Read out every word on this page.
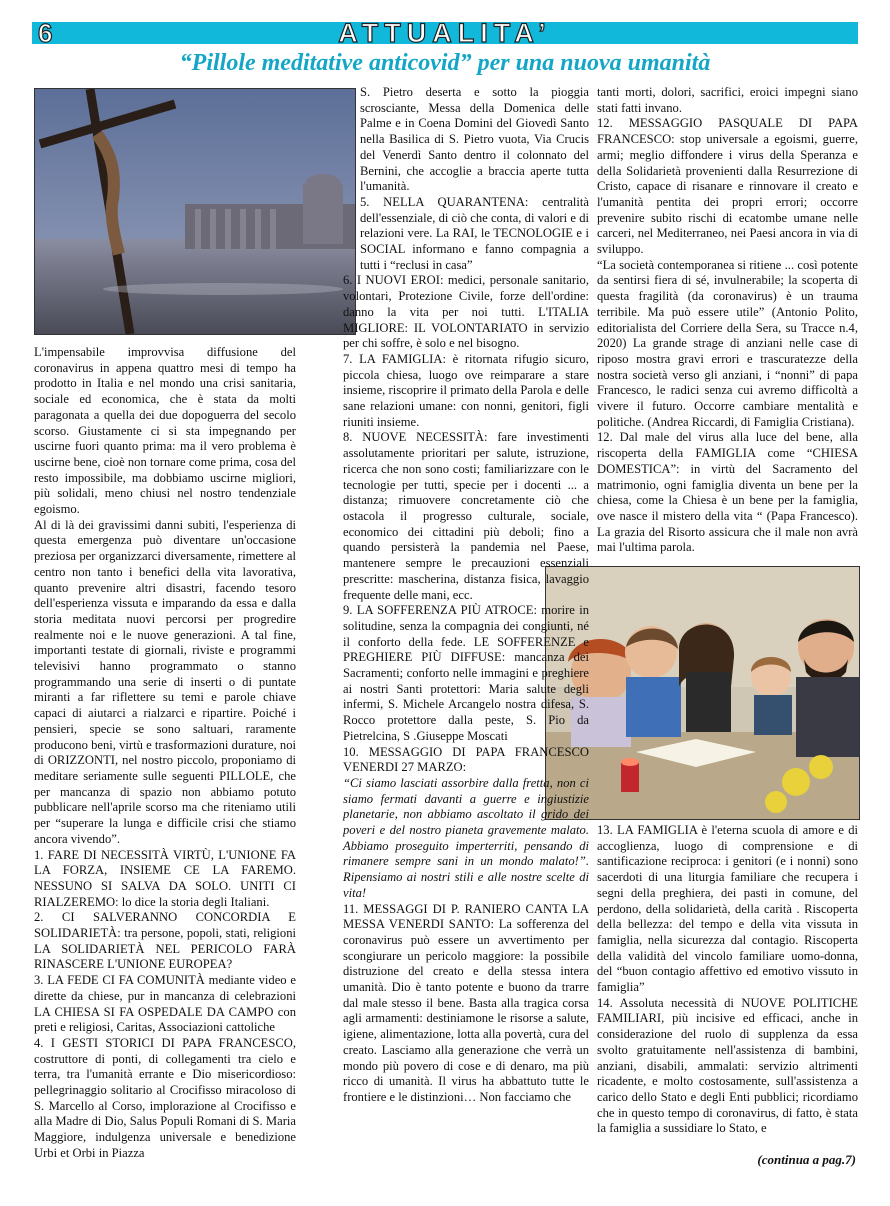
6	ATTUALITA’
“Pillole meditative anticovid” per una nuova umanità

L'impensabile improvvisa diffusione del coronavirus in appena quattro mesi di tempo ha prodotto in Italia e nel mondo una crisi sanitaria, sociale ed economica, che è stata da molti paragonata a quella dei due dopoguerra del secolo scorso. Giustamente ci si sta impegnando per uscirne fuori quanto prima: ma il vero problema è uscirne bene, cioè non tornare come prima, cosa del resto impossibile, ma dobbiamo uscirne migliori, più solidali, meno chiusi nel nostro tendenziale egoismo.

Al di là dei gravissimi danni subiti, l'esperienza di questa emergenza può diventare un'occasione preziosa per organizzarci diversamente, rimettere al centro non tanto i benefici della vita lavorativa, quanto prevenire altri disastri, facendo tesoro dell'esperienza vissuta e imparando da essa e dalla storia meditata nuovi percorsi per progredire realmente noi e le nuove generazioni. A tal fine, importanti testate di giornali, riviste e programmi televisivi hanno programmato o stanno programmando una serie di inserti o di puntate miranti a far riflettere su temi e parole chiave capaci di aiutarci a rialzarci e ripartire. Poiché i pensieri, specie se sono saltuari, raramente producono beni, virtù e trasformazioni durature, noi di ORIZZONTI, nel nostro piccolo, proponiamo di meditare seriamente sulle seguenti PILLOLE, che per mancanza di spazio non abbiamo potuto pubblicare nell'aprile scorso ma che riteniamo utili per “superare la lunga e difficile crisi che stiamo ancora vivendo”.

1. FARE DI NECESSITÀ VIRTÙ, L'UNIONE FA LA FORZA, INSIEME CE LA FAREMO. NESSUNO SI SALVA DA SOLO. UNITI CI RIALZEREMO: lo dice la storia degli Italiani.

2. CI SALVERANNO CONCORDIA E SOLIDARIETÀ: tra persone, popoli, stati, religioni LA SOLIDARIETÀ NEL PERICOLO FARÀ RINASCERE L'UNIONE EUROPEA?

3. LA FEDE CI FA COMUNITÀ mediante video e dirette da chiese, pur in mancanza di celebrazioni LA CHIESA SI FA OSPEDALE DA CAMPO con preti e religiosi, Caritas, Associazioni cattoliche

4. I GESTI STORICI DI PAPA FRANCESCO, costruttore di ponti, di collegamenti tra cielo e terra, tra l'umanità errante e Dio misericordioso: pellegrinaggio solitario al Crocifisso miracoloso di S. Marcello al Corso, implorazione al Crocifisso e alla Madre di Dio, Salus Populi Romani di S. Maria Maggiore, indulgenza universale e benedizione Urbi et Orbi in Piazza

S. Pietro deserta e sotto la pioggia scrosciante, Messa della Domenica delle Palme e in Coena Domini del Giovedì Santo nella Basilica di S. Pietro vuota, Via Crucis del Venerdì Santo dentro il colonnato del Bernini, che accoglie a braccia aperte tutta l'umanità.

5. NELLA QUARANTENA: centralità dell'essenziale, di ciò che conta, di valori e di relazioni vere. La RAI, le TECNOLOGIE e i SOCIAL informano e fanno compagnia a tutti i “reclusi in casa”

6. I NUOVI EROI: medici, personale sanitario, volontari, Protezione Civile, forze dell'ordine: danno la vita per noi tutti. L'ITALIA MIGLIORE: IL VOLONTARIATO in servizio per chi soffre, è solo e nel bisogno.

7. LA FAMIGLIA: è ritornata rifugio sicuro, piccola chiesa, luogo ove reimparare a stare insieme, riscoprire il primato della Parola e delle sane relazioni umane: con nonni, genitori, figli riuniti insieme.

8. NUOVE NECESSITÀ: fare investimenti assolutamente prioritari per salute, istruzione, ricerca che non sono costi; familiarizzare con le tecnologie per tutti, specie per i docenti ... a distanza; rimuovere concretamente ciò che ostacola il progresso culturale, sociale, economico dei cittadini più deboli; fino a quando persisterà la pandemia nel Paese, mantenere sempre le precauzioni essenziali prescritte: mascherina, distanza fisica, lavaggio frequente delle mani, ecc.

9. LA SOFFERENZA PIÙ ATROCE: morire in solitudine, senza la compagnia dei congiunti, né il conforto della fede. LE SOFFERENZE e PREGHIERE PIÙ DIFFUSE: mancanza dei Sacramenti; conforto nelle immagini e preghiere ai nostri Santi protettori: Maria salute degli infermi, S. Michele Arcangelo nostra difesa, S. Rocco protettore dalla peste, S. Pio da Pietrelcina, S .Giuseppe Moscati

10. MESSAGGIO DI PAPA FRANCESCO VENERDI 27 MARZO:

“Ci siamo lasciati assorbire dalla fretta, non ci siamo fermati davanti a guerre e ingiustizie planetarie, non abbiamo ascoltato il grido dei poveri e del nostro pianeta gravemente malato. Abbiamo proseguito imperterriti, pensando di rimanere sempre sani in un mondo malato!”. Ripensiamo ai nostri stili e alle nostre scelte di vita!

11. MESSAGGI DI P. RANIERO CANTA LA MESSA VENERDI SANTO: La sofferenza del coronavirus può essere un avvertimento per scongiurare un pericolo maggiore: la possibile distruzione del creato e della stessa intera umanità. Dio è tanto potente e buono da trarre dal male stesso il bene. Basta alla tragica corsa agli armamenti: destiniamone le risorse a salute, igiene, alimentazione, lotta alla povertà, cura del creato. Lasciamo alla generazione che verrà un mondo più povero di cose e di denaro, ma più ricco di umanità. Il virus ha abbattuto tutte le frontiere e le distinzioni… Non facciamo che

tanti morti, dolori, sacrifici, eroici impegni siano stati fatti invano.

12. MESSAGGIO PASQUALE DI PAPA FRANCESCO: stop universale a egoismi, guerre, armi; meglio diffondere i virus della Speranza e della Solidarietà provenienti dalla Resurrezione di Cristo, capace di risanare e rinnovare il creato e l'umanità pentita dei propri errori; occorre prevenire subito rischi di ecatombe umane nelle carceri, nel Mediterraneo, nei Paesi ancora in via di sviluppo.

“La società contemporanea si ritiene ... così potente da sentirsi fiera di sé, invulnerabile; la scoperta di questa fragilità (da coronavirus) è un trauma terribile. Ma può essere utile” (Antonio Polito, editorialista del Corriere della Sera, su Tracce n.4, 2020) La grande strage di anziani nelle case di riposo mostra gravi errori e trascuratezze della nostra società verso gli anziani, i “nonni” di papa Francesco, le radici senza cui avremo difficoltà a vivere il futuro. Occorre cambiare mentalità e politiche. (Andrea Riccardi, di Famiglia Cristiana).

12. Dal male del virus alla luce del bene, alla riscoperta della FAMIGLIA come “CHIESA DOMESTICA”: in virtù del Sacramento del matrimonio, ogni famiglia diventa un bene per la chiesa, come la Chiesa è un bene per la famiglia, ove nasce il mistero della vita “ (Papa Francesco). La grazia del Risorto assicura che il male non avrà mai l'ultima parola.

13. LA FAMIGLIA è l'eterna scuola di amore e di accoglienza, luogo di comprensione e di santificazione reciproca: i genitori (e i nonni) sono sacerdoti di una liturgia familiare che recupera i segni della preghiera, dei pasti in comune, del perdono, della solidarietà, della carità . Riscoperta della bellezza: del tempo e della vita vissuta in famiglia, nella sicurezza dal contagio. Riscoperta della validità del vincolo familiare uomo-donna, del “buon contagio affettivo ed emotivo vissuto in famiglia”

14. Assoluta necessità di NUOVE POLITICHE FAMILIARI, più incisive ed efficaci, anche in considerazione del ruolo di supplenza da essa svolto gratuitamente nell'assistenza di bambini, anziani, disabili, ammalati: servizio altrimenti ricadente, e molto costosamente, sull'assistenza a carico dello Stato e degli Enti pubblici; ricordiamo che in questo tempo di coronavirus, di fatto, è stata la famiglia a sussidiare lo Stato, e

(continua a pag.7)
